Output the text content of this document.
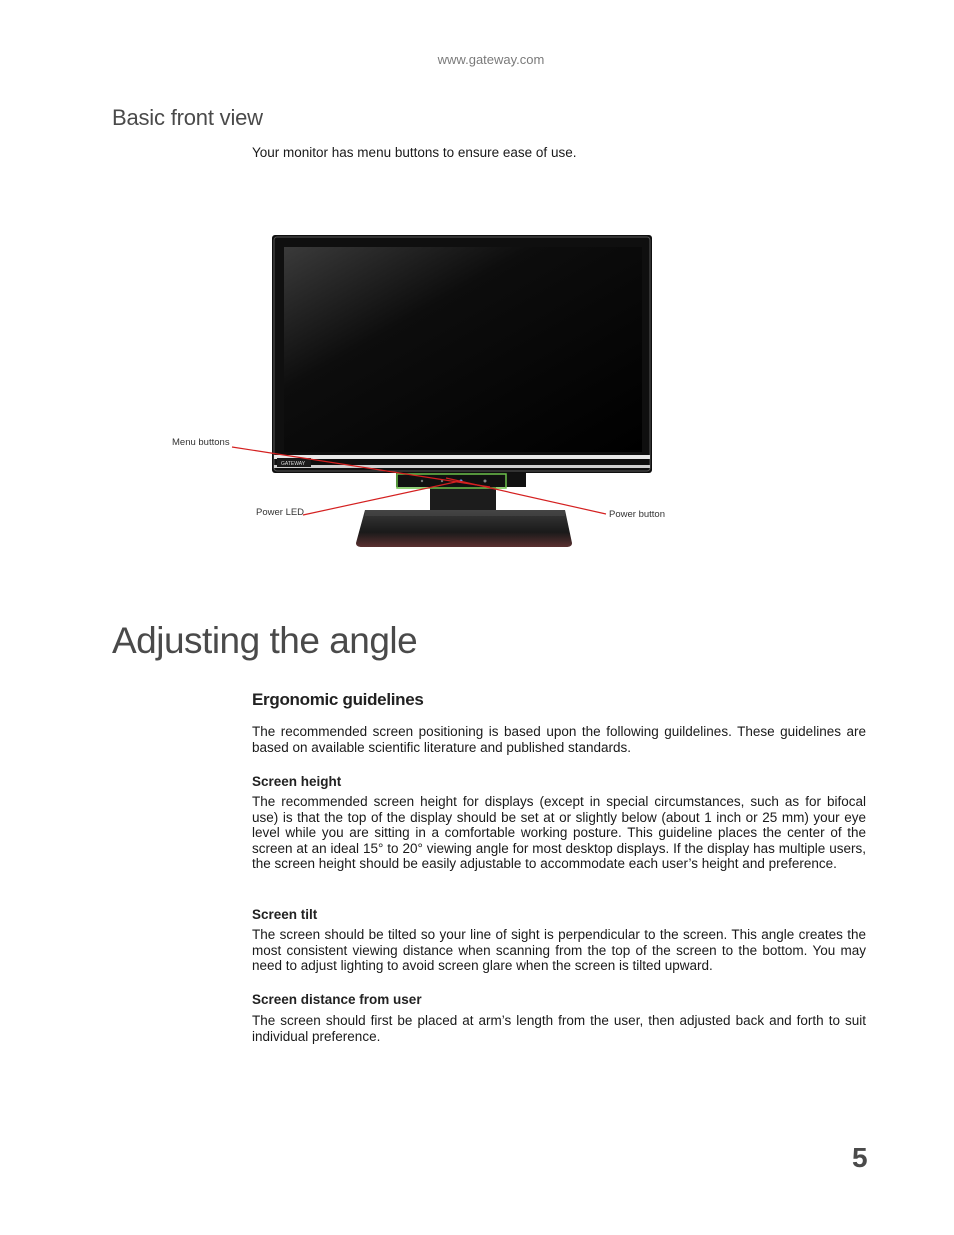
www.gateway.com
Basic front view
Your monitor has menu buttons to ensure ease of use.
GATEWAY
Menu buttons
Power LED	Power button
Adjusting the angle
Ergonomic guidelines
The recommended screen positioning is based upon the following guildelines. These guidelines are based on available scientific literature and published standards.
Screen height
The recommended screen height for displays (except in special circumstances, such as for bifocal use) is that the top of the display should be set at or slightly below (about 1 inch or 25 mm) your eye level while you are sitting in a comfortable working posture. This guideline places the center of the screen at an ideal 15° to 20° viewing angle for most desktop displays. If the display has multiple users, the screen height should be easily adjustable to accommodate each user’s height and preference.
Screen tilt
The screen should be tilted so your line of sight is perpendicular to the screen. This angle creates the most consistent viewing distance when scanning from the top of the screen to the bottom. You may need to adjust lighting to avoid screen glare when the screen is tilted upward.
Screen distance from user
The screen should first be placed at arm’s length from the user, then adjusted back and forth to suit individual preference.
5
